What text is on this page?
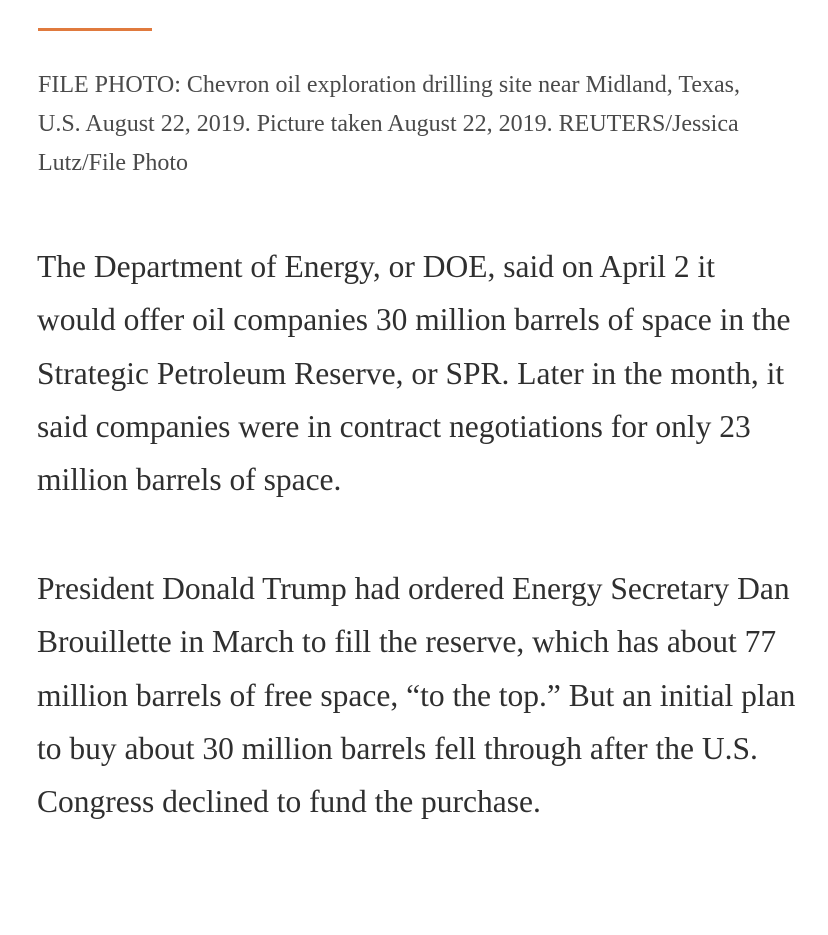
FILE PHOTO: Chevron oil exploration drilling site near Midland, Texas, U.S. August 22, 2019. Picture taken August 22, 2019. REUTERS/Jessica Lutz/File Photo

The Department of Energy, or DOE, said on April 2 it would offer oil companies 30 million barrels of space in the Strategic Petroleum Reserve, or SPR. Later in the month, it said companies were in contract negotiations for only 23 million barrels of space.

President Donald Trump had ordered Energy Secretary Dan Brouillette in March to fill the reserve, which has about 77 million barrels of free space, “to the top.” But an initial plan to buy about 30 million barrels fell through after the U.S. Congress declined to fund the purchase.
